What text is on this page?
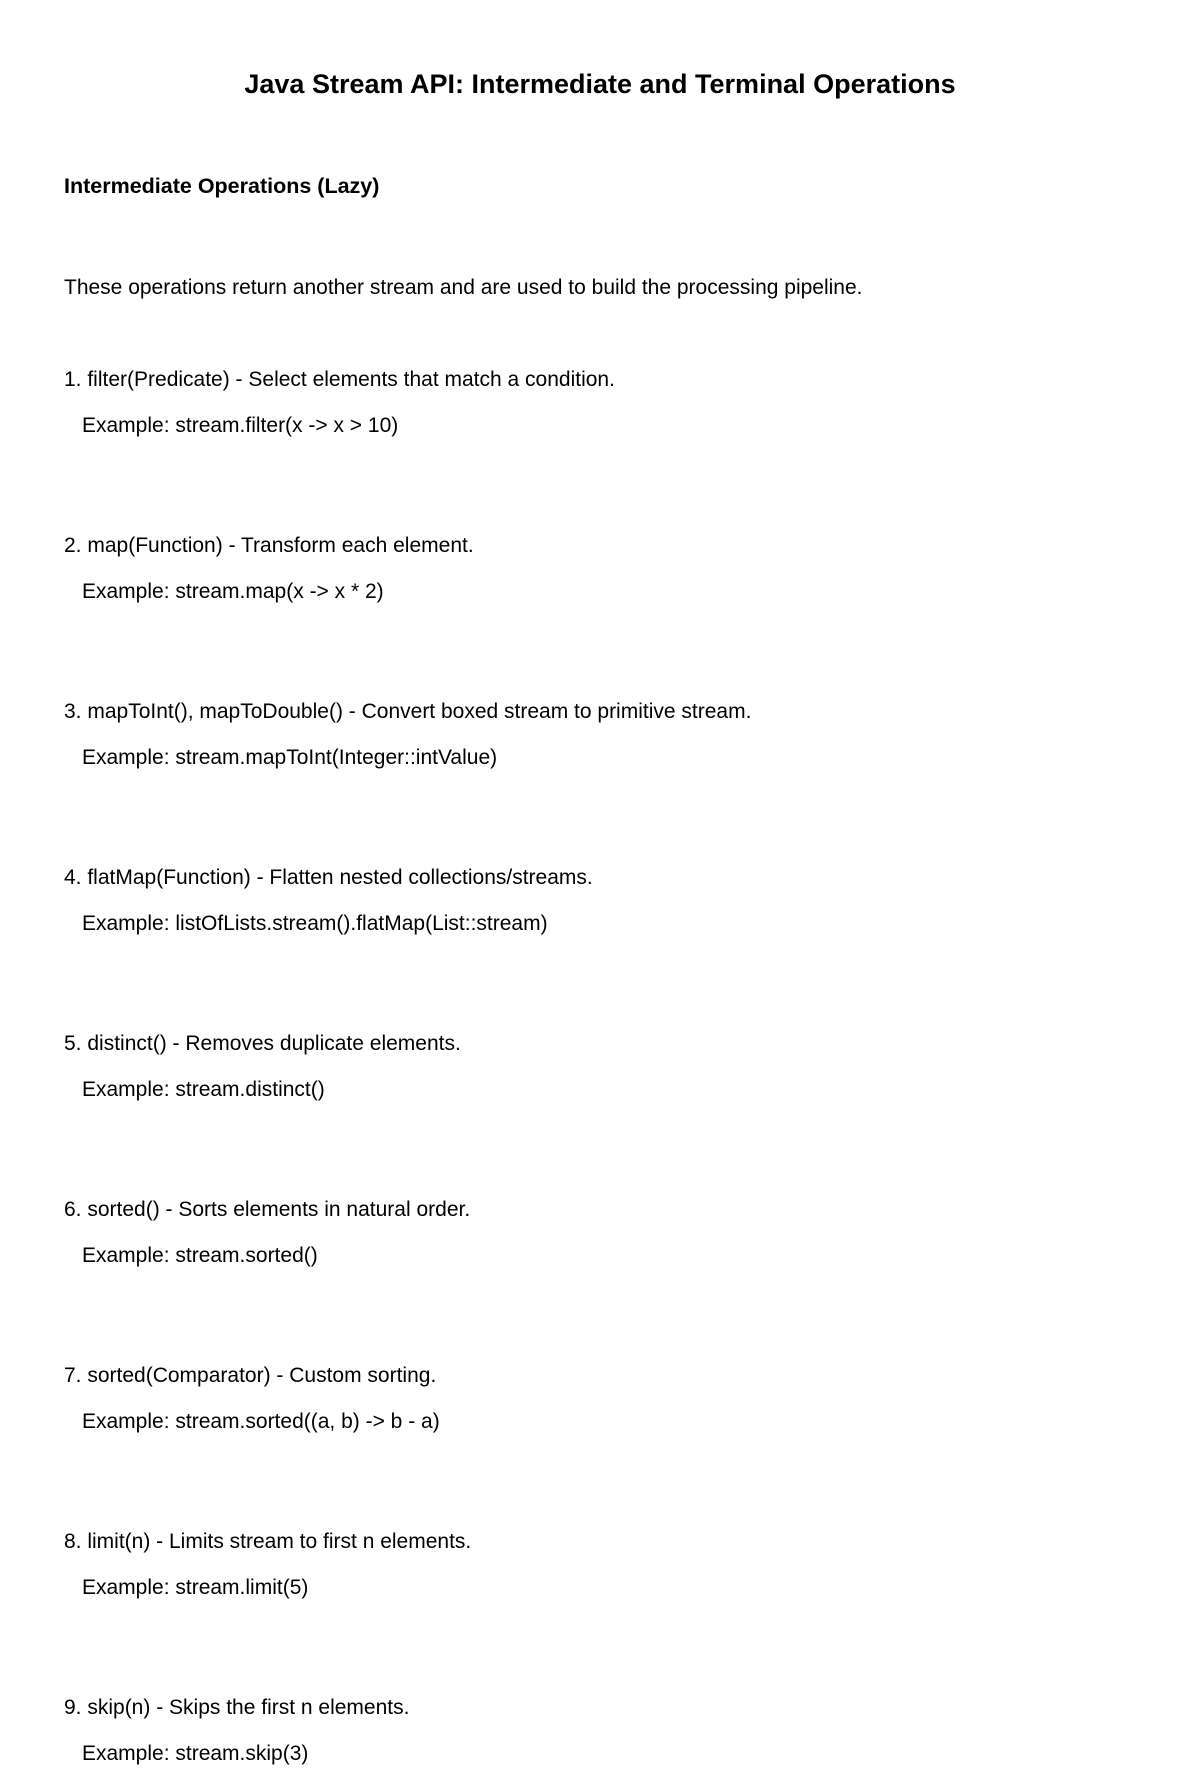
Java Stream API: Intermediate and Terminal Operations
Intermediate Operations (Lazy)

These operations return another stream and are used to build the processing pipeline.

1. filter(Predicate) - Select elements that match a condition.
Example: stream.filter(x -> x > 10)
2. map(Function) - Transform each element.
Example: stream.map(x -> x * 2)
3. mapToInt(), mapToDouble() - Convert boxed stream to primitive stream.
Example: stream.mapToInt(Integer::intValue)
4. flatMap(Function) - Flatten nested collections/streams.
Example: listOfLists.stream().flatMap(List::stream)
5. distinct() - Removes duplicate elements.
Example: stream.distinct()
6. sorted() - Sorts elements in natural order.
Example: stream.sorted()
7. sorted(Comparator) - Custom sorting.
Example: stream.sorted((a, b) -> b - a)
8. limit(n) - Limits stream to first n elements.
Example: stream.limit(5)
9. skip(n) - Skips the first n elements.
Example: stream.skip(3)
